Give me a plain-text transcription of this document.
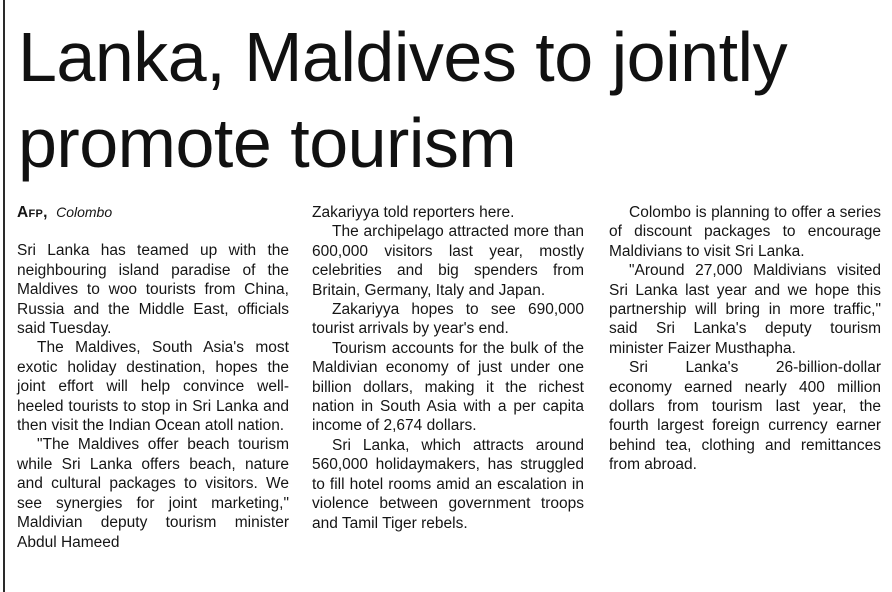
Lanka, Maldives to jointly
promote tourism
Afp, Colombo

Sri Lanka has teamed up with the neighbouring island paradise of the Maldives to woo tourists from China, Russia and the Middle East, officials said Tuesday.

The Maldives, South Asia's most exotic holiday destination, hopes the joint effort will help convince well-heeled tourists to stop in Sri Lanka and then visit the Indian Ocean atoll nation.

"The Maldives offer beach tourism while Sri Lanka offers beach, nature and cultural packages to visitors. We see synergies for joint marketing," Maldivian deputy tourism minister Abdul Hameed

Zakariyya told reporters here.

The archipelago attracted more than 600,000 visitors last year, mostly celebrities and big spenders from Britain, Germany, Italy and Japan.

Zakariyya hopes to see 690,000 tourist arrivals by year's end.

Tourism accounts for the bulk of the Maldivian economy of just under one billion dollars, making it the richest nation in South Asia with a per capita income of 2,674 dollars.

Sri Lanka, which attracts around 560,000 holidaymakers, has struggled to fill hotel rooms amid an escalation in violence between government troops and Tamil Tiger rebels.

Colombo is planning to offer a series of discount packages to encourage Maldivians to visit Sri Lanka.

"Around 27,000 Maldivians visited Sri Lanka last year and we hope this partnership will bring in more traffic," said Sri Lanka's deputy tourism minister Faizer Musthapha.

Sri Lanka's 26-billion-dollar economy earned nearly 400 million dollars from tourism last year, the fourth largest foreign currency earner behind tea, clothing and remittances from abroad.
